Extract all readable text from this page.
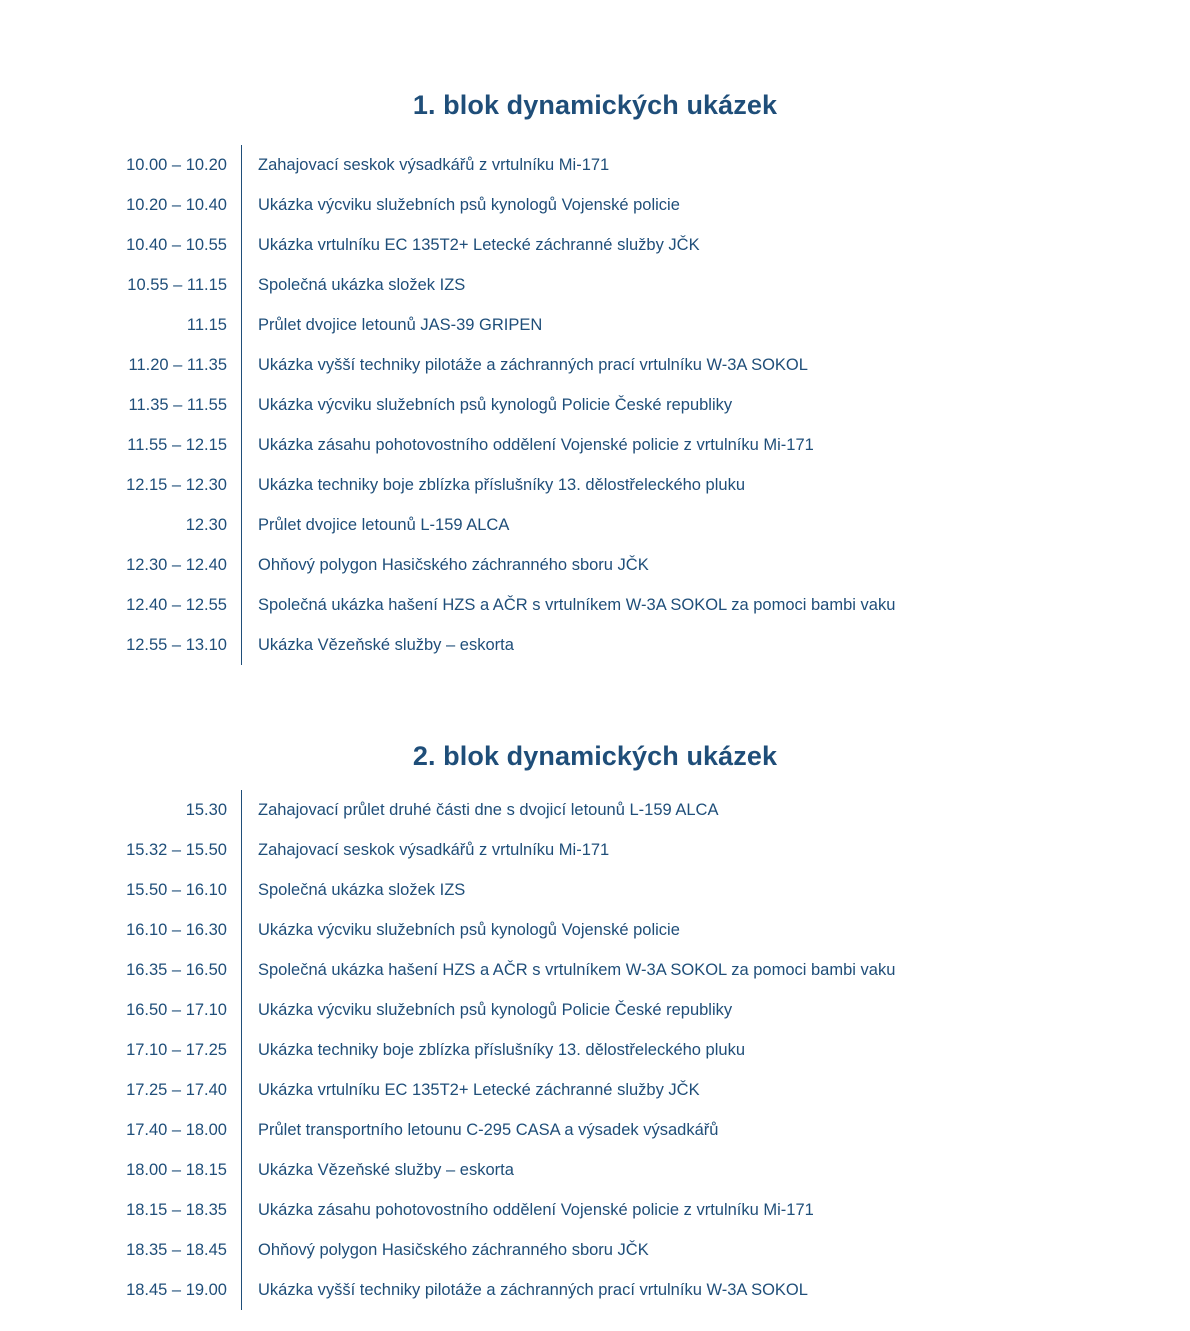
1. blok dynamických ukázek
10.00 – 10.20	Zahajovací seskok výsadkářů z vrtulníku Mi-171
10.20 – 10.40	Ukázka výcviku služebních psů kynologů Vojenské policie
10.40 – 10.55	Ukázka vrtulníku EC 135T2+ Letecké záchranné služby JČK
10.55 – 11.15	Společná ukázka složek IZS
11.15	Průlet dvojice letounů JAS-39 GRIPEN
11.20 – 11.35	Ukázka vyšší techniky pilotáže a záchranných prací vrtulníku W-3A SOKOL
11.35 – 11.55	Ukázka výcviku služebních psů kynologů Policie České republiky
11.55 – 12.15	Ukázka zásahu pohotovostního oddělení Vojenské policie z vrtulníku Mi-171
12.15 – 12.30	Ukázka techniky boje zblízka příslušníky 13. dělostřeleckého pluku
12.30	Průlet dvojice letounů L-159 ALCA
12.30 – 12.40	Ohňový polygon Hasičského záchranného sboru JČK
12.40 – 12.55	Společná ukázka hašení HZS a AČR s vrtulníkem W-3A SOKOL za pomoci bambi vaku
12.55 – 13.10	Ukázka Vězeňské služby – eskorta
2. blok dynamických ukázek
15.30	Zahajovací průlet druhé části dne s dvojicí letounů L-159 ALCA
15.32 – 15.50	Zahajovací seskok výsadkářů z vrtulníku Mi-171
15.50 – 16.10	Společná ukázka složek IZS
16.10 – 16.30	Ukázka výcviku služebních psů kynologů Vojenské policie
16.35 – 16.50	Společná ukázka hašení HZS a AČR s vrtulníkem W-3A SOKOL za pomoci bambi vaku
16.50 – 17.10	Ukázka výcviku služebních psů kynologů Policie České republiky
17.10 – 17.25	Ukázka techniky boje zblízka příslušníky 13. dělostřeleckého pluku
17.25 – 17.40	Ukázka vrtulníku EC 135T2+ Letecké záchranné služby JČK
17.40 – 18.00	Průlet transportního letounu C-295 CASA a výsadek výsadkářů
18.00 – 18.15	Ukázka Vězeňské služby – eskorta
18.15 – 18.35	Ukázka zásahu pohotovostního oddělení Vojenské policie z vrtulníku Mi-171
18.35 – 18.45	Ohňový polygon Hasičského záchranného sboru JČK
18.45 – 19.00	Ukázka vyšší techniky pilotáže a záchranných prací vrtulníku W-3A SOKOL
